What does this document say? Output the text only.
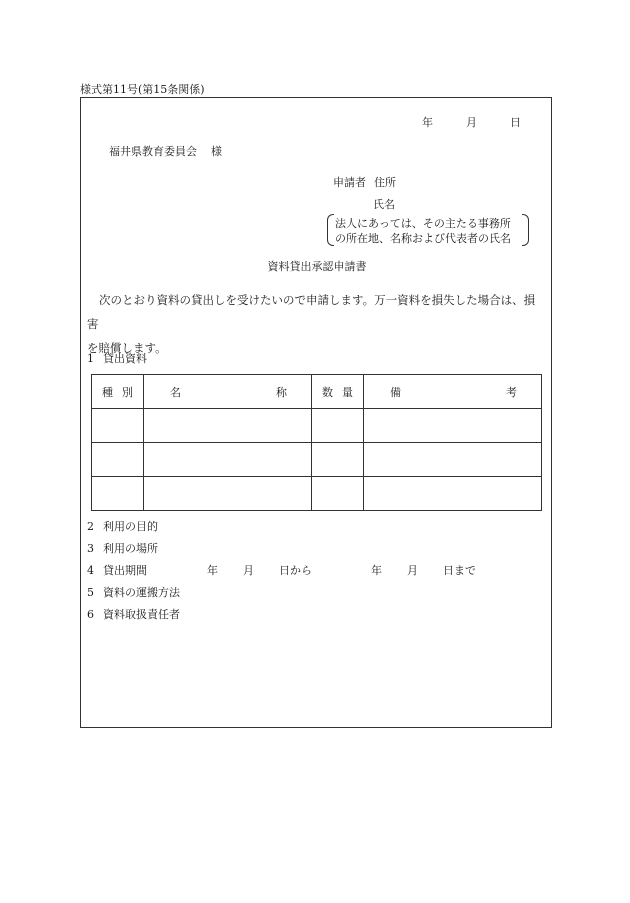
様式第11号(第15条関係)
年	月	日
福井県教育委員会 様
申請者 住所
氏名
法人にあっては、その主たる事務所
の所在地、名称および代表者の氏名
資料貸出承認申請書

次のとおり資料の貸出しを受けたいので申請します。万一資料を損失した場合は、損害

を賠償します。

1 貸出資料
種 別	名 称	数 量	備 考

2 利用の目的
3 利用の場所
4 貸出期間	年 月 日から	年 月 日まで
5 資料の運搬方法
6 資料取扱責任者
